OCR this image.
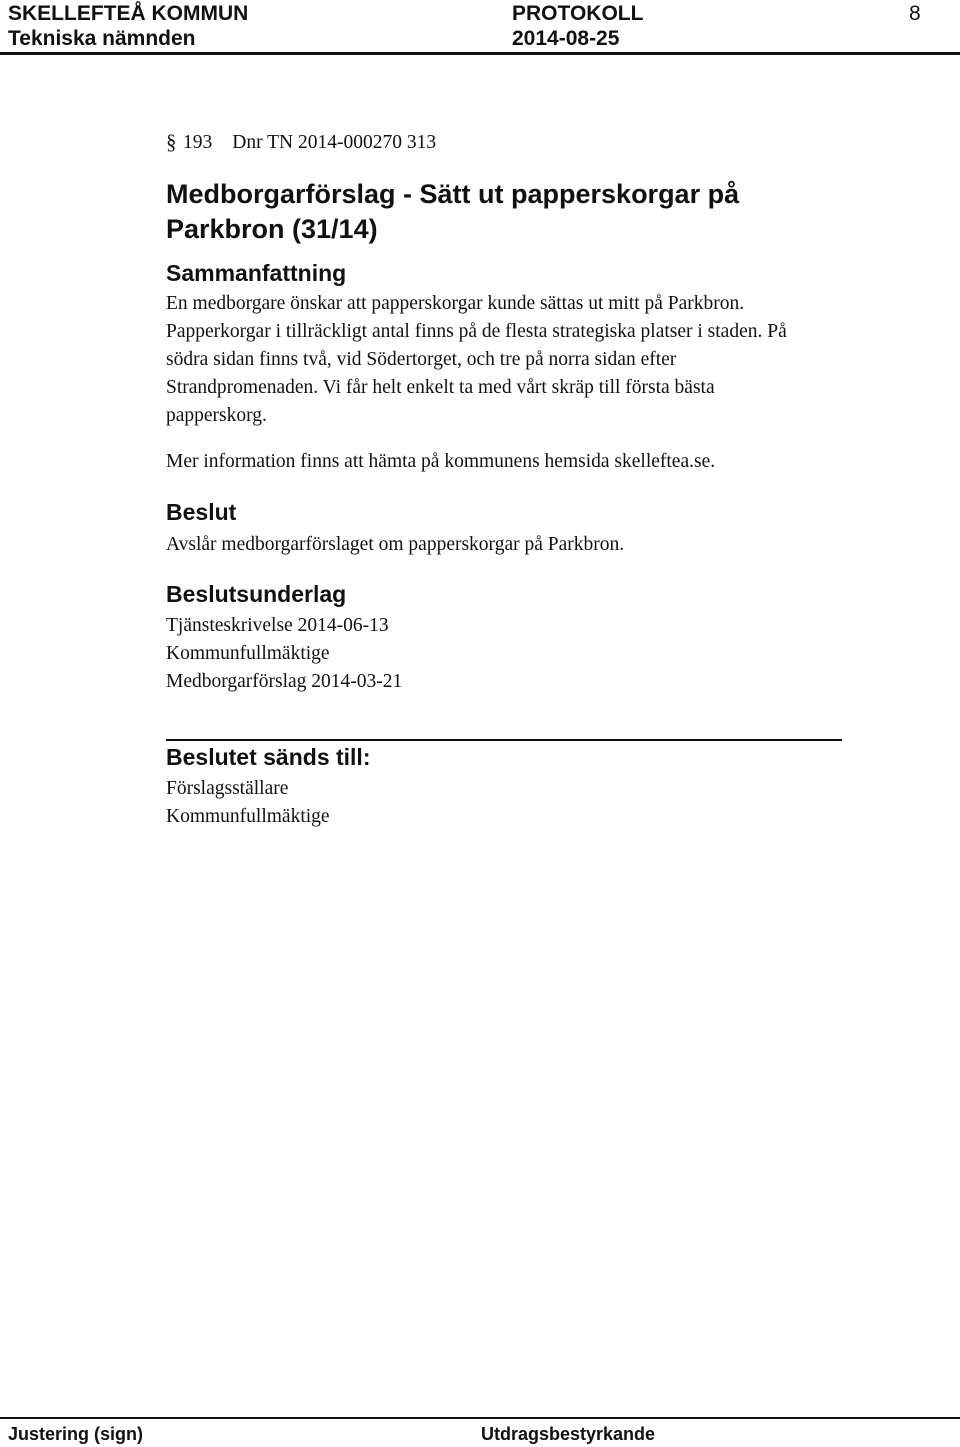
SKELLEFTEÅ KOMMUN	PROTOKOLL	8
Tekniska nämnden	2014-08-25
§ 193 Dnr TN 2014-000270 313
Medborgarförslag - Sätt ut papperskorgar på Parkbron (31/14)
Sammanfattning
En medborgare önskar att papperskorgar kunde sättas ut mitt på Parkbron. Papperkorgar i tillräckligt antal finns på de flesta strategiska platser i staden. På södra sidan finns två, vid Södertorget, och tre på norra sidan efter Strandpromenaden. Vi får helt enkelt ta med vårt skräp till första bästa papperskorg.
Mer information finns att hämta på kommunens hemsida skelleftea.se.
Beslut
Avslår medborgarförslaget om papperskorgar på Parkbron.
Beslutsunderlag
Tjänsteskrivelse 2014-06-13
Kommunfullmäktige
Medborgarförslag 2014-03-21
Beslutet sänds till:
Förslagsställare
Kommunfullmäktige
Justering (sign)	Utdragsbestyrkande
